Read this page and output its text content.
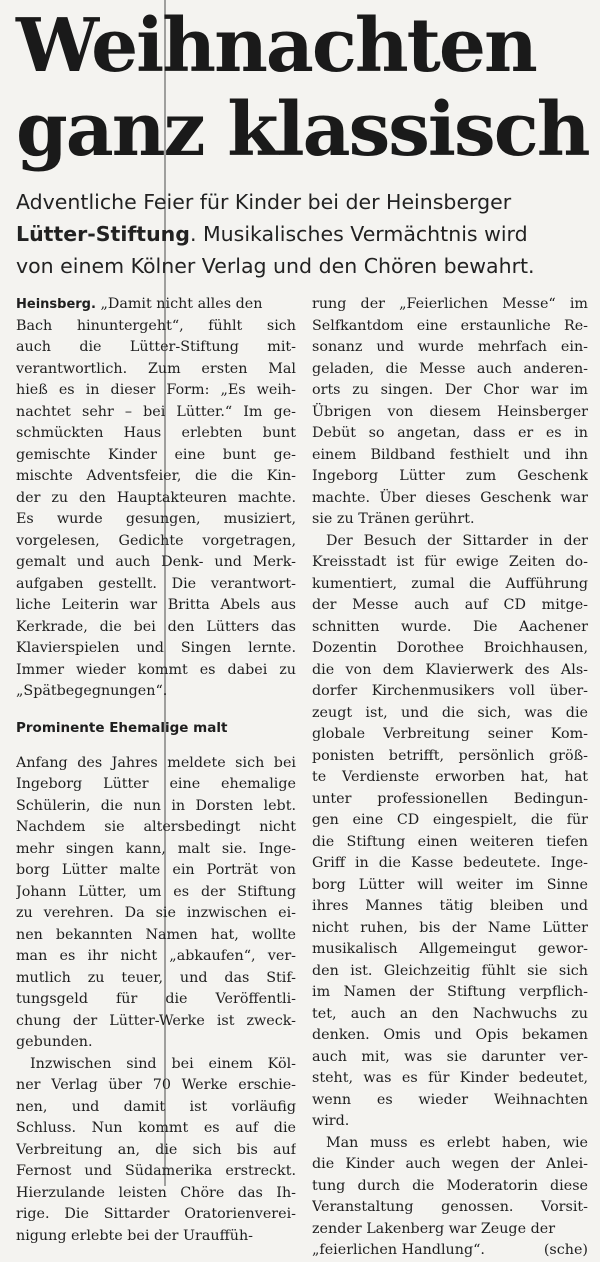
Weihnachten
ganz klassisch

Adventliche Feier für Kinder bei der Heinsberger
Lütter-Stiftung. Musikalisches Vermächtnis wird
von einem Kölner Verlag und den Chören bewahrt.

Heinsberg. „Damit nicht alles den
Bach hinuntergeht“, fühlt sich
auch die Lütter-Stiftung mit-
verantwortlich. Zum ersten Mal
hieß es in dieser Form: „Es weih-
nachtet sehr – bei Lütter.“ Im ge-
schmückten Haus erlebten bunt
gemischte Kinder eine bunt ge-
mischte Adventsfeier, die die Kin-
der zu den Hauptakteuren machte.
Es wurde gesungen, musiziert,
vorgelesen, Gedichte vorgetragen,
gemalt und auch Denk- und Merk-
aufgaben gestellt. Die verantwort-
liche Leiterin war Britta Abels aus
Kerkrade, die bei den Lütters das
Klavierspielen und Singen lernte.
Immer wieder kommt es dabei zu
„Spätbegegnungen“.
Prominente Ehemalige malt
Anfang des Jahres meldete sich bei
Ingeborg Lütter eine ehemalige
Schülerin, die nun in Dorsten lebt.
Nachdem sie altersbedingt nicht
mehr singen kann, malt sie. Inge-
borg Lütter malte ein Porträt von
Johann Lütter, um es der Stiftung
zu verehren. Da sie inzwischen ei-
nen bekannten Namen hat, wollte
man es ihr nicht „abkaufen“, ver-
mutlich zu teuer, und das Stif-
tungsgeld für die Veröffentli-
chung der Lütter-Werke ist zweck-
gebunden.
Inzwischen sind bei einem Köl-
ner Verlag über 70 Werke erschie-
nen, und damit ist vorläufig
Schluss. Nun kommt es auf die
Verbreitung an, die sich bis auf
Fernost und Südamerika erstreckt.
Hierzulande leisten Chöre das Ih-
rige. Die Sittarder Oratorienverei-
nigung erlebte bei der Urauffüh-
rung der „Feierlichen Messe“ im
Selfkantdom eine erstaunliche Re-
sonanz und wurde mehrfach ein-
geladen, die Messe auch anderen-
orts zu singen. Der Chor war im
Übrigen von diesem Heinsberger
Debüt so angetan, dass er es in
einem Bildband festhielt und ihn
Ingeborg Lütter zum Geschenk
machte. Über dieses Geschenk war
sie zu Tränen gerührt.
Der Besuch der Sittarder in der
Kreisstadt ist für ewige Zeiten do-
kumentiert, zumal die Aufführung
der Messe auch auf CD mitge-
schnitten wurde. Die Aachener
Dozentin Dorothee Broichhausen,
die von dem Klavierwerk des Als-
dorfer Kirchenmusikers voll über-
zeugt ist, und die sich, was die
globale Verbreitung seiner Kom-
ponisten betrifft, persönlich größ-
te Verdienste erworben hat, hat
unter professionellen Bedingun-
gen eine CD eingespielt, die für
die Stiftung einen weiteren tiefen
Griff in die Kasse bedeutete. Inge-
borg Lütter will weiter im Sinne
ihres Mannes tätig bleiben und
nicht ruhen, bis der Name Lütter
musikalisch Allgemeingut gewor-
den ist. Gleichzeitig fühlt sie sich
im Namen der Stiftung verpflich-
tet, auch an den Nachwuchs zu
denken. Omis und Opis bekamen
auch mit, was sie darunter ver-
steht, was es für Kinder bedeutet,
wenn es wieder Weihnachten
wird.
Man muss es erlebt haben, wie
die Kinder auch wegen der Anlei-
tung durch die Moderatorin diese
Veranstaltung genossen. Vorsit-
zender Lakenberg war Zeuge der
„feierlichen Handlung“.	(sche)
